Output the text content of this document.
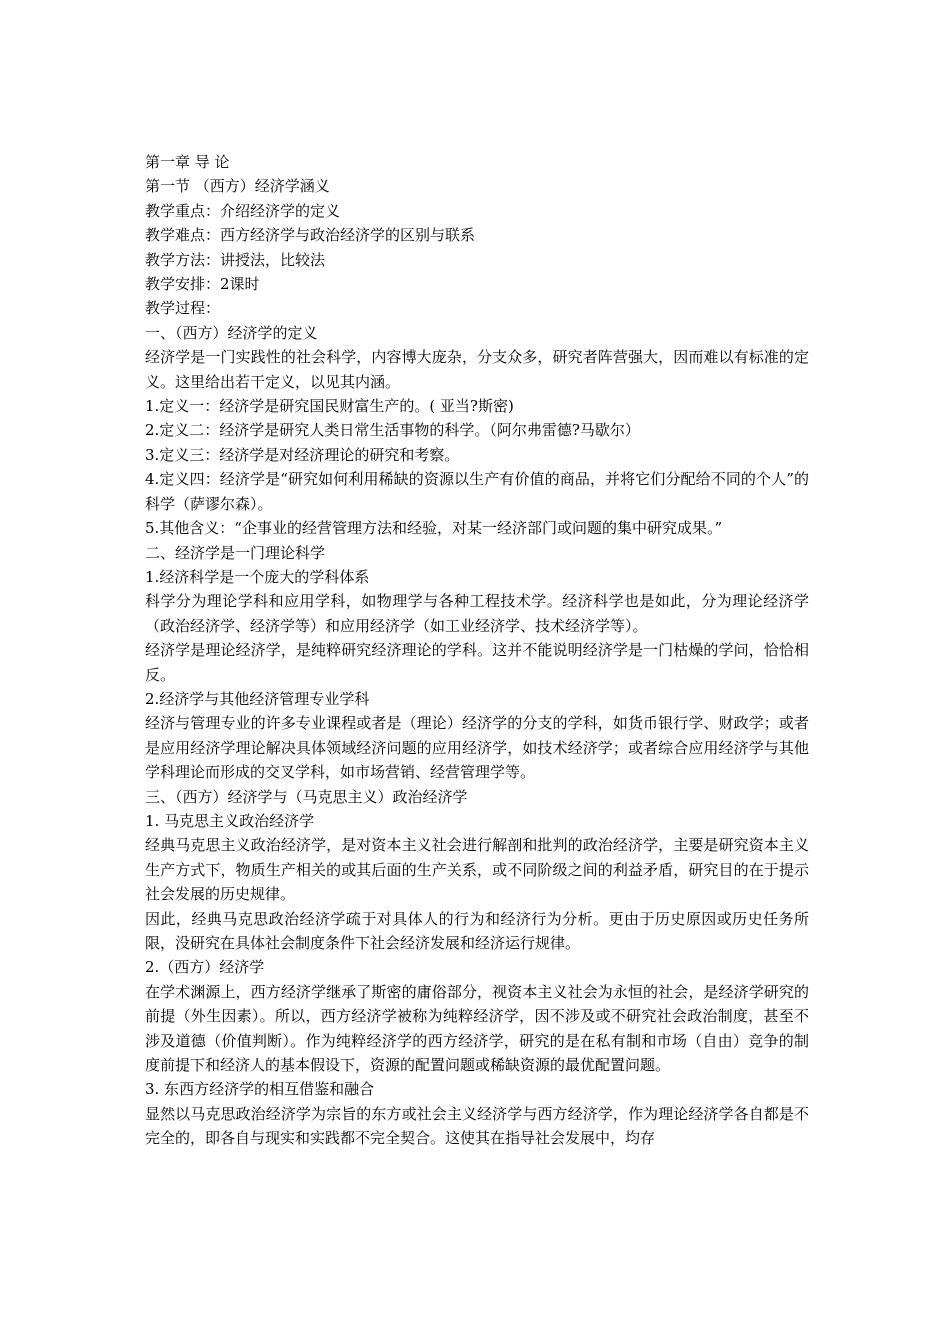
第一章 导 论

第一节 （西方）经济学涵义

教学重点：介绍经济学的定义

教学难点：西方经济学与政治经济学的区别与联系

教学方法：讲授法，比较法

教学安排：2课时

教学过程：

一、（西方）经济学的定义

经济学是一门实践性的社会科学，内容博大庞杂，分支众多，研究者阵营强大，因而难以有标准的定义。这里给出若干定义，以见其内涵。

1.定义一：经济学是研究国民财富生产的。( 亚当?斯密)

2.定义二：经济学是研究人类日常生活事物的科学。（阿尔弗雷德?马歇尔）

3.定义三：经济学是对经济理论的研究和考察。

4.定义四：经济学是“研究如何利用稀缺的资源以生产有价值的商品，并将它们分配给不同的个人”的科学（萨谬尔森）。

5.其他含义：“企事业的经营管理方法和经验，对某一经济部门或问题的集中研究成果。”

二、经济学是一门理论科学

1.经济科学是一个庞大的学科体系

科学分为理论学科和应用学科，如物理学与各种工程技术学。经济科学也是如此，分为理论经济学（政治经济学、经济学等）和应用经济学（如工业经济学、技术经济学等）。

经济学是理论经济学，是纯粹研究经济理论的学科。这并不能说明经济学是一门枯燥的学问，恰恰相反。

2.经济学与其他经济管理专业学科

经济与管理专业的许多专业课程或者是（理论）经济学的分支的学科，如货币银行学、财政学；或者是应用经济学理论解决具体领域经济问题的应用经济学，如技术经济学；或者综合应用经济学与其他学科理论而形成的交叉学科，如市场营销、经营管理学等。

三、（西方）经济学与（马克思主义）政治经济学

1. 马克思主义政治经济学

经典马克思主义政治经济学，是对资本主义社会进行解剖和批判的政治经济学，主要是研究资本主义生产方式下，物质生产相关的或其后面的生产关系，或不同阶级之间的利益矛盾，研究目的在于提示社会发展的历史规律。

因此，经典马克思政治经济学疏于对具体人的行为和经济行为分析。更由于历史原因或历史任务所限，没研究在具体社会制度条件下社会经济发展和经济运行规律。

2.（西方）经济学

在学术渊源上，西方经济学继承了斯密的庸俗部分，视资本主义社会为永恒的社会，是经济学研究的前提（外生因素）。所以，西方经济学被称为纯粹经济学，因不涉及或不研究社会政治制度，甚至不涉及道德（价值判断）。作为纯粹经济学的西方经济学，研究的是在私有制和市场（自由）竞争的制度前提下和经济人的基本假设下，资源的配置问题或稀缺资源的最优配置问题。

3. 东西方经济学的相互借鉴和融合

显然以马克思政治经济学为宗旨的东方或社会主义经济学与西方经济学，作为理论经济学各自都是不完全的，即各自与现实和实践都不完全契合。这使其在指导社会发展中，均存
